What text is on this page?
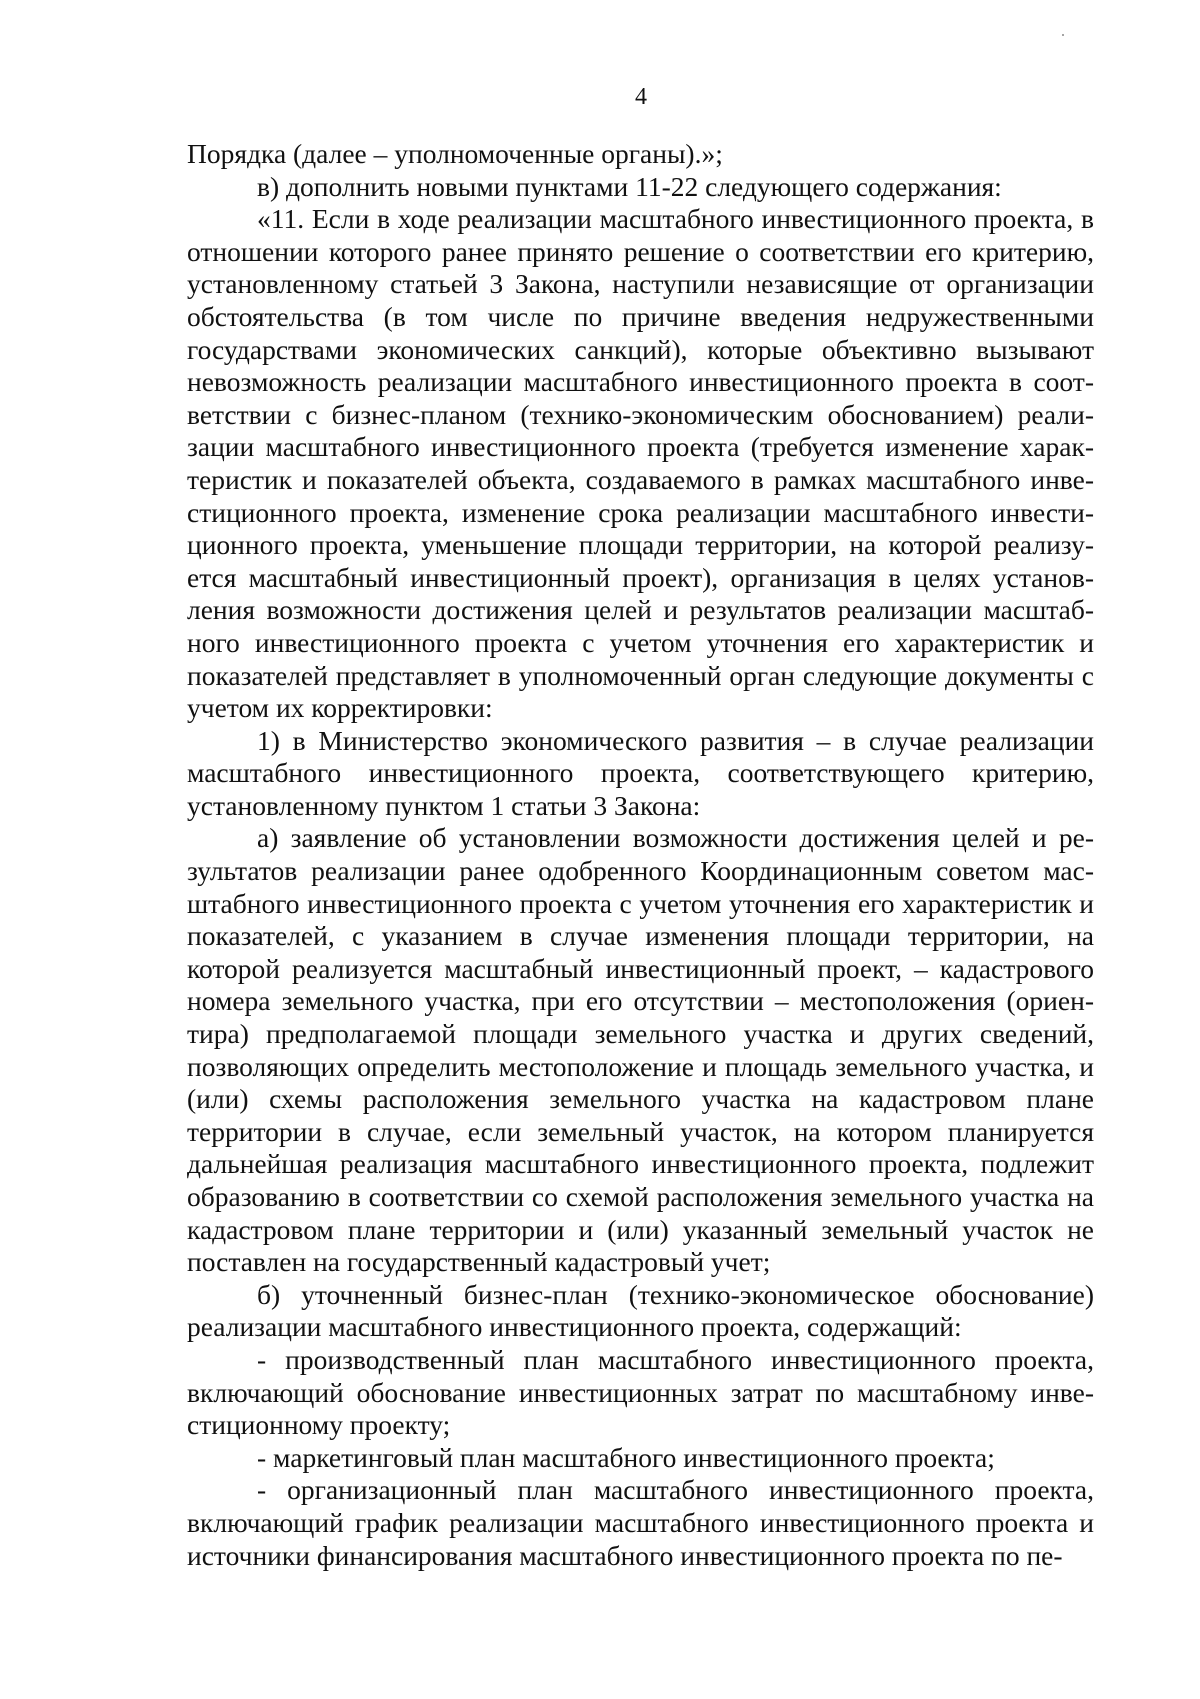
4

Порядка (далее – уполномоченные органы).»;

в) дополнить новыми пунктами 11-22 следующего содержания:

«11. Если в ходе реализации масштабного инвестиционного проекта, в отношении которого ранее принято решение о соответствии его критерию, установленному статьей 3 Закона, наступили независящие от организации обстоятельства (в том числе по причине введения недружественными государствами экономических санкций), которые объективно вызывают невозможность реализации масштабного инвестиционного проекта в соответствии с бизнес-планом (технико-экономическим обоснованием) реализации масштабного инвестиционного проекта (требуется изменение характеристик и показателей объекта, создаваемого в рамках масштабного инвестиционного проекта, изменение срока реализации масштабного инвестиционного проекта, уменьшение площади территории, на которой реализуется масштабный инвестиционный проект), организация в целях установления возможности достижения целей и результатов реализации масштабного инвестиционного проекта с учетом уточнения его характеристик и показателей представляет в уполномоченный орган следующие документы с учетом их корректировки:

1) в Министерство экономического развития – в случае реализации масштабного инвестиционного проекта, соответствующего критерию, установленному пунктом 1 статьи 3 Закона:

а) заявление об установлении возможности достижения целей и результатов реализации ранее одобренного Координационным советом масштабного инвестиционного проекта с учетом уточнения его характеристик и показателей, с указанием в случае изменения площади территории, на которой реализуется масштабный инвестиционный проект, – кадастрового номера земельного участка, при его отсутствии – местоположения (ориентира) предполагаемой площади земельного участка и других сведений, позволяющих определить местоположение и площадь земельного участка, и (или) схемы расположения земельного участка на кадастровом плане территории в случае, если земельный участок, на котором планируется дальнейшая реализация масштабного инвестиционного проекта, подлежит образованию в соответствии со схемой расположения земельного участка на кадастровом плане территории и (или) указанный земельный участок не поставлен на государственный кадастровый учет;

б) уточненный бизнес-план (технико-экономическое обоснование) реализации масштабного инвестиционного проекта, содержащий:

- производственный план масштабного инвестиционного проекта, включающий обоснование инвестиционных затрат по масштабному инвестиционному проекту;

- маркетинговый план масштабного инвестиционного проекта;

- организационный план масштабного инвестиционного проекта, включающий график реализации масштабного инвестиционного проекта и источники финансирования масштабного инвестиционного проекта по пе-
